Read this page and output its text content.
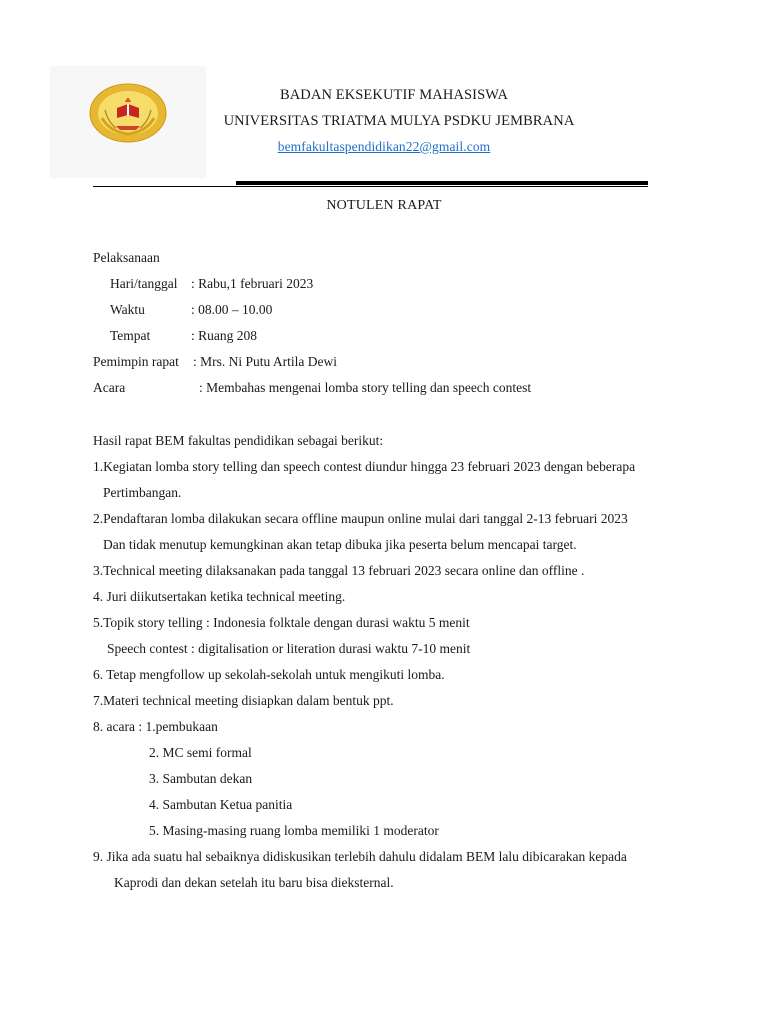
BADAN EKSEKUTIF MAHASISWA
UNIVERSITAS TRIATMA MULYA PSDKU JEMBRANA
bemfakultaspendidikan22@gmail.com
NOTULEN RAPAT
Pelaksanaan
Hari/tanggal : Rabu,1 februari 2023
Waktu	: 08.00 – 10.00
Tempat	: Ruang 208
Pemimpin rapat : Mrs. Ni Putu Artila Dewi
Acara	: Membahas mengenai lomba story telling dan speech contest
Hasil rapat BEM fakultas pendidikan sebagai berikut:
1.Kegiatan lomba story telling dan speech contest diundur hingga 23 februari 2023 dengan beberapa
Pertimbangan.
2.Pendaftaran lomba dilakukan secara offline maupun online mulai dari tanggal 2-13 februari 2023
Dan tidak menutup kemungkinan akan tetap dibuka jika peserta belum mencapai target.
3.Technical meeting dilaksanakan pada tanggal 13 februari 2023 secara online dan offline .
4. Juri diikutsertakan ketika technical meeting.
5.Topik story telling : Indonesia folktale dengan durasi waktu 5 menit
Speech contest : digitalisation or literation durasi waktu 7-10 menit
6. Tetap mengfollow up sekolah-sekolah untuk mengikuti lomba.
7.Materi technical meeting disiapkan dalam bentuk ppt.
8. acara : 1.pembukaan
2. MC semi formal
3. Sambutan dekan
4. Sambutan Ketua panitia
5. Masing-masing ruang lomba memiliki 1 moderator
9. Jika ada suatu hal sebaiknya didiskusikan terlebih dahulu didalam BEM lalu dibicarakan kepada
Kaprodi dan dekan setelah itu baru bisa dieksternal.
